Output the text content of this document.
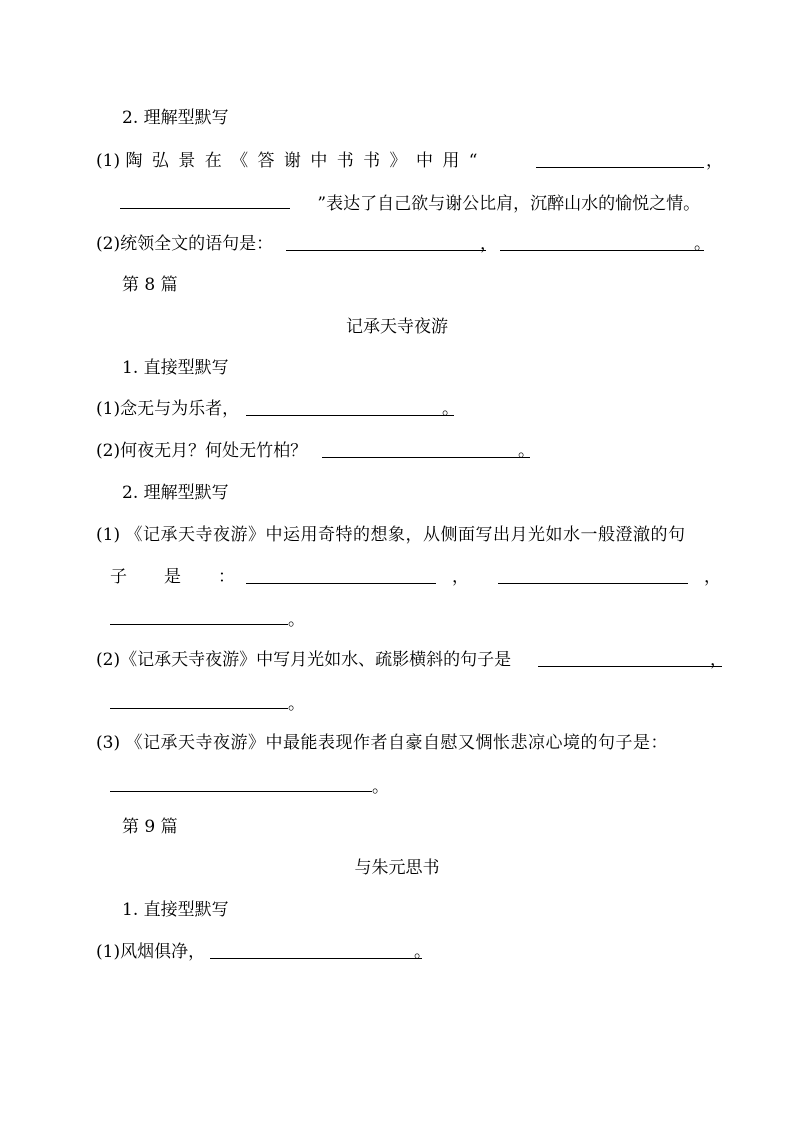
2. 理解型默写
(1) 陶 弘 景 在 《 答 谢 中 书 书 》 中 用 “	，
”表达了自己欲与谢公比肩，沉醉山水的愉悦之情。
(2)统领全文的语句是：	，	。
第 8 篇
记承天寺夜游
1. 直接型默写
(1)念无与为乐者，	。
(2)何夜无月？何处无竹柏？	。
2. 理解型默写
(1) 《记承天寺夜游》中运用奇特的想象，从侧面写出月光如水一般澄澈的句
子　是　：	，	，
。
(2)《记承天寺夜游》中写月光如水、疏影横斜的句子是	，
。
(3) 《记承天寺夜游》中最能表现作者自豪自慰又惆怅悲凉心境的句子是：
。
第 9 篇
与朱元思书
1. 直接型默写
(1)风烟俱净，	。
